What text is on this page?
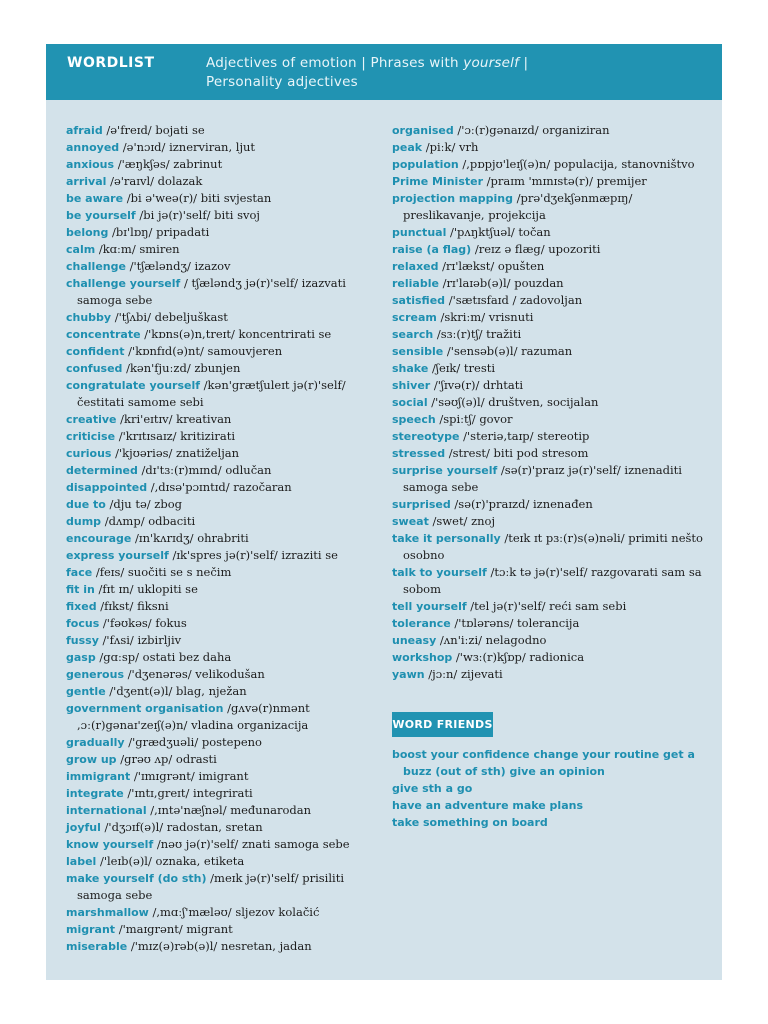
WORDLIST	Adjectives of emotion | Phrases with yourself |
Personality adjectives
afraid /ə'freɪd/ bojati se
annoyed /ə'nɔɪd/ iznerviran, ljut
anxious /'æŋkʃəs/ zabrinut
arrival /ə'raɪvl/ dolazak
be aware /bi ə'weə(r)/ biti svjestan
be yourself /bi jə(r)'self/ biti svoj
belong /bɪ'lɒŋ/ pripadati
calm /kɑːm/ smiren
challenge /'tʃæləndʒ/ izazov
challenge yourself / tʃæləndʒ jə(r)'self/ izazvati samoga sebe
chubby /'tʃʌbi/ debeljuškast
concentrate /'kɒns(ə)n,treɪt/ koncentrirati se
confident /'kɒnfɪd(ə)nt/ samouvjeren
confused /kən'fjuːzd/ zbunjen
congratulate yourself /kən'grætʃuleɪt jə(r)'self/ čestitati samome sebi
creative /kri'eɪtɪv/ kreativan
criticise /'krɪtɪsaɪz/ kritizirati
curious /'kjʊəriəs/ znatiželjan
determined /dɪ'tɜː(r)mɪnd/ odlučan
disappointed /,dɪsə'pɔɪntɪd/ razočaran
due to /dju tə/ zbog
dump /dʌmp/ odbaciti
encourage /ɪn'kʌrɪdʒ/ ohrabriti
express yourself /ɪk'spres jə(r)'self/ izraziti se
face /feɪs/ suočiti se s nečim
fit in /fɪt ɪn/ uklopiti se
fixed /fɪkst/ fiksni
focus /'fəʊkəs/ fokus
fussy /'fʌsi/ izbirljiv
gasp /gɑːsp/ ostati bez daha
generous /'dʒenərəs/ velikodušan
gentle /'dʒent(ə)l/ blag, nježan
government organisation /gʌvə(r)nmənt ,ɔː(r)gənaɪ'zeɪʃ(ə)n/ vladina organizacija
gradually /'grædʒuəli/ postepeno
grow up /grəʊ ʌp/ odrasti
immigrant /'ɪmɪgrənt/ imigrant
integrate /'ɪntɪ,greɪt/ integrirati
international /,ɪntə'næʃnəl/ međunarodan
joyful /'dʒɔɪf(ə)l/ radostan, sretan
know yourself /nəʊ jə(r)'self/ znati samoga sebe
label /'leɪb(ə)l/ oznaka, etiketa
make yourself (do sth) /meɪk jə(r)'self/ prisiliti samoga sebe
marshmallow /,mɑːʃ'mæləʊ/ sljezov kolačić
migrant /'maɪgrənt/ migrant
miserable /'mɪz(ə)rəb(ə)l/ nesretan, jadan
organised /'ɔː(r)gənaɪzd/ organiziran
peak /piːk/ vrh
population /,pɒpjʊ'leɪʃ(ə)n/ populacija, stanovništvo
Prime Minister /praɪm 'mɪnɪstə(r)/ premijer
projection mapping /prə'dʒekʃənmæpɪŋ/ preslikavanje, projekcija
punctual /'pʌŋktʃuəl/ točan
raise (a flag) /reɪz ə flæg/ upozoriti
relaxed /rɪ'lækst/ opušten
reliable /rɪ'laɪəb(ə)l/ pouzdan
satisfied /'sætɪsfaɪd / zadovoljan
scream /skriːm/ vrisnuti
search /sɜː(r)tʃ/ tražiti
sensible /'sensəb(ə)l/ razuman
shake /ʃeɪk/ tresti
shiver /'ʃɪvə(r)/ drhtati
social /'səʊʃ(ə)l/ društven, socijalan
speech /spiːtʃ/ govor
stereotype /'steriə,taɪp/ stereotip
stressed /strest/ biti pod stresom
surprise yourself /sə(r)'praɪz jə(r)'self/ iznenaditi samoga sebe
surprised /sə(r)'praɪzd/ iznenađen
sweat /swet/ znoj
take it personally /teɪk ɪt pɜː(r)s(ə)nəli/ primiti nešto osobno
talk to yourself /tɔːk tə jə(r)'self/ razgovarati sam sa sobom
tell yourself /tel jə(r)'self/ reći sam sebi
tolerance /'tɒlərəns/ tolerancija
uneasy /ʌn'iːzi/ nelagodno
workshop /'wɜː(r)kʃɒp/ radionica
yawn /jɔːn/ zijevati
WORD FRIENDS
boost your confidence change your routine get a buzz (out of sth) give an opinion
give sth a go
have an adventure make plans
take something on board
